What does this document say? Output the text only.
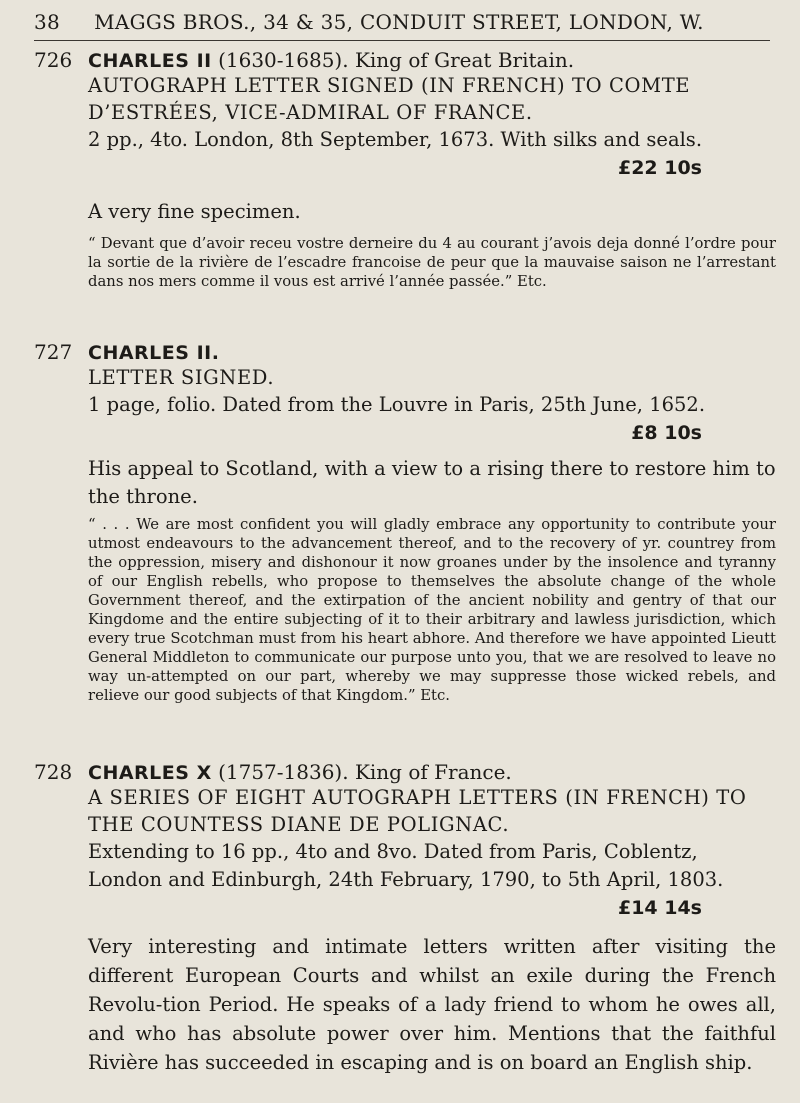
38 MAGGS BROS., 34 & 35, CONDUIT STREET, LONDON, W.
726 CHARLES II (1630-1685). King of Great Britain.
AUTOGRAPH LETTER SIGNED (IN FRENCH) TO COMTE D’ESTRÉES, VICE-ADMIRAL OF FRANCE.
2 pp., 4to. London, 8th September, 1673. With silks and seals.
£22 10s
A very fine specimen.
“ Devant que d’avoir receu vostre derneire du 4 au courant j’avois deja donné l’ordre pour la sortie de la rivière de l’escadre francoise de peur que la mauvaise saison ne l’arrestant dans nos mers comme il vous est arrivé l’année passée.” Etc.
727 CHARLES II.
LETTER SIGNED.
1 page, folio. Dated from the Louvre in Paris, 25th June, 1652.
£8 10s
His appeal to Scotland, with a view to a rising there to restore him to the throne.
“ . . . We are most confident you will gladly embrace any opportunity to contribute your utmost endeavours to the advancement thereof, and to the recovery of yr. countrey from the oppression, misery and dishonour it now groanes under by the insolence and tyranny of our English rebells, who propose to themselves the absolute change of the whole Government thereof, and the extirpation of the ancient nobility and gentry of that our Kingdome and the entire subjecting of it to their arbitrary and lawless jurisdiction, which every true Scotchman must from his heart abhore. And therefore we have appointed Lieutt General Middleton to communicate our purpose unto you, that we are resolved to leave no way un-attempted on our part, whereby we may suppresse those wicked rebels, and relieve our good subjects of that Kingdom.” Etc.
728 CHARLES X (1757-1836). King of France.
A SERIES OF EIGHT AUTOGRAPH LETTERS (IN FRENCH) TO THE COUNTESS DIANE DE POLIGNAC.
Extending to 16 pp., 4to and 8vo. Dated from Paris, Coblentz, London and Edinburgh, 24th February, 1790, to 5th April, 1803.
£14 14s
Very interesting and intimate letters written after visiting the different European Courts and whilst an exile during the French Revolu-tion Period. He speaks of a lady friend to whom he owes all, and who has absolute power over him. Mentions that the faithful Rivière has succeeded in escaping and is on board an English ship.
